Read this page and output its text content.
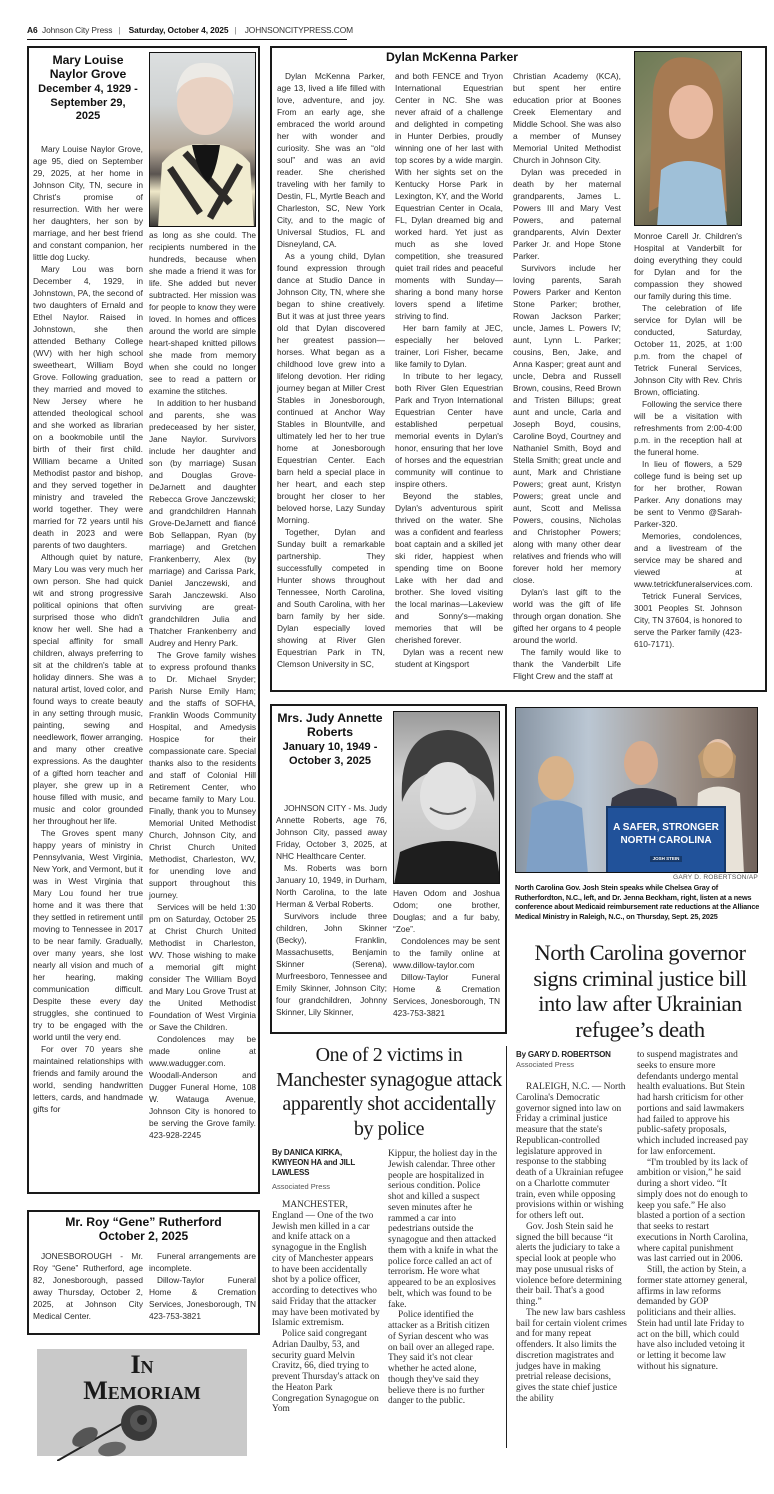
A6 Johnson City Press | Saturday, October 4, 2025 | JOHNSONCITYPRESS.COM
Mary Louise Naylor Grove
December 4, 1929 - September 29, 2025

Mary Louise Naylor Grove, age 95, died on September 29, 2025, at her home in Johnson City, TN, secure in Christ's promise of resurrection. With her were her daughters, her son by marriage, and her best friend and constant companion, her little dog Lucky.

Mary Lou was born December 4, 1929, in Johnstown, PA, the second of two daughters of Ernald and Ethel Naylor. Raised in Johnstown, she then attended Bethany College (WV) with her high school sweetheart, William Boyd Grove. Following graduation, they married and moved to New Jersey where he attended theological school and she worked as librarian on a bookmobile until the birth of their first child. William became a United Methodist pastor and bishop, and they served together in ministry and traveled the world together. They were married for 72 years until his death in 2023 and were parents of two daughters.

Although quiet by nature, Mary Lou was very much her own person. She had quick wit and strong progressive political opinions that often surprised those who didn't know her well. She had a special affinity for small children, always preferring to sit at the children's table at holiday dinners. She was a natural artist, loved color, and found ways to create beauty in any setting through music, painting, sewing and needlework, flower arranging, and many other creative expressions. As the daughter of a gifted horn teacher and player, she grew up in a house filled with music, and music and color grounded her throughout her life.

The Groves spent many happy years of ministry in Pennsylvania, West Virginia, New York, and Vermont, but it was in West Virginia that Mary Lou found her true home and it was there that they settled in retirement until moving to Tennessee in 2017 to be near family. Gradually, over many years, she lost nearly all vision and much of her hearing, making communication difficult. Despite these every day struggles, she continued to try to be engaged with the world until the very end.

For over 70 years she maintained relationships with friends and family around the world, sending handwritten letters, cards, and handmade gifts for

as long as she could. The recipients numbered in the hundreds, because when she made a friend it was for life. She added but never subtracted. Her mission was for people to know they were loved. In homes and offices around the world are simple heart-shaped knitted pillows she made from memory when she could no longer see to read a pattern or examine the stitches.

In addition to her husband and parents, she was predeceased by her sister, Jane Naylor. Survivors include her daughter and son (by marriage) Susan and Douglas Grove-DeJarnett and daughter Rebecca Grove Janczewski; and grandchildren Hannah Grove-DeJarnett and fiancé Bob Sellappan, Ryan (by marriage) and Gretchen Frankenberry, Alex (by marriage) and Carissa Park, Daniel Janczewski, and Sarah Janczewski. Also surviving are great-grandchildren Julia and Thatcher Frankenberry and Audrey and Henry Park.

The Grove family wishes to express profound thanks to Dr. Michael Snyder; Parish Nurse Emily Ham; and the staffs of SOFHA, Franklin Woods Community Hospital, and Amedysis Hospice for their compassionate care. Special thanks also to the residents and staff of Colonial Hill Retirement Center, who became family to Mary Lou. Finally, thank you to Munsey Memorial United Methodist Church, Johnson City, and Christ Church United Methodist, Charleston, WV, for unending love and support throughout this journey.

Services will be held 1:30 pm on Saturday, October 25 at Christ Church United Methodist in Charleston, WV. Those wishing to make a memorial gift might consider The William Boyd and Mary Lou Grove Trust at the United Methodist Foundation of West Virginia or Save the Children.

Condolences may be made online at www.wadugger.com. Woodall-Anderson and Dugger Funeral Home, 108 W. Watauga Avenue, Johnson City is honored to be serving the Grove family. 423-928-2245

Mr. Roy “Gene” Rutherford
October 2, 2025

JONESBOROUGH - Mr. Roy “Gene” Rutherford, age 82, Jonesborough, passed away Thursday, October 2, 2025, at Johnson City Medical Center.

Funeral arrangements are incomplete.

Dillow-Taylor Funeral Home & Cremation Services, Jonesborough, TN 423-753-3821

In
Memoriam
Dylan McKenna Parker

Dylan McKenna Parker, age 13, lived a life filled with love, adventure, and joy. From an early age, she embraced the world around her with wonder and curiosity. She was an “old soul” and was an avid reader. She cherished traveling with her family to Destin, FL, Myrtle Beach and Charleston, SC, New York City, and to the magic of Universal Studios, FL and Disneyland, CA.

As a young child, Dylan found expression through dance at Studio Dance in Johnson City, TN, where she began to shine creatively. But it was at just three years old that Dylan discovered her greatest passion—horses. What began as a childhood love grew into a lifelong devotion. Her riding journey began at Miller Crest Stables in Jonesborough, continued at Anchor Way Stables in Blountville, and ultimately led her to her true home at Jonesborough Equestrian Center. Each barn held a special place in her heart, and each step brought her closer to her beloved horse, Lazy Sunday Morning.

Together, Dylan and Sunday built a remarkable partnership. They successfully competed in Hunter shows throughout Tennessee, North Carolina, and South Carolina, with her barn family by her side. Dylan especially loved showing at River Glen Equestrian Park in TN, Clemson University in SC,

and both FENCE and Tryon International Equestrian Center in NC. She was never afraid of a challenge and delighted in competing in Hunter Derbies, proudly winning one of her last with top scores by a wide margin. With her sights set on the Kentucky Horse Park in Lexington, KY, and the World Equestrian Center in Ocala, FL, Dylan dreamed big and worked hard. Yet just as much as she loved competition, she treasured quiet trail rides and peaceful moments with Sunday—sharing a bond many horse lovers spend a lifetime striving to find.

Her barn family at JEC, especially her beloved trainer, Lori Fisher, became like family to Dylan.

In tribute to her legacy, both River Glen Equestrian Park and Tryon International Equestrian Center have established perpetual memorial events in Dylan's honor, ensuring that her love of horses and the equestrian community will continue to inspire others.

Beyond the stables, Dylan's adventurous spirit thrived on the water. She was a confident and fearless boat captain and a skilled jet ski rider, happiest when spending time on Boone Lake with her dad and brother. She loved visiting the local marinas—Lakeview and Sonny's—making memories that will be cherished forever.

Dylan was a recent new student at Kingsport

Christian Academy (KCA), but spent her entire education prior at Boones Creek Elementary and Middle School. She was also a member of Munsey Memorial United Methodist Church in Johnson City.

Dylan was preceded in death by her maternal grandparents, James L. Powers III and Mary Vest Powers, and paternal grandparents, Alvin Dexter Parker Jr. and Hope Stone Parker.

Survivors include her loving parents, Sarah Powers Parker and Kenton Stone Parker; brother, Rowan Jackson Parker; uncle, James L. Powers IV; aunt, Lynn L. Parker; cousins, Ben, Jake, and Anna Kasper; great aunt and uncle, Debra and Russell Brown, cousins, Reed Brown and Tristen Billups; great aunt and uncle, Carla and Joseph Boyd, cousins, Caroline Boyd, Courtney and Nathaniel Smith, Boyd and Stella Smith; great uncle and aunt, Mark and Christiane Powers; great aunt, Kristyn Powers; great uncle and aunt, Scott and Melissa Powers, cousins, Nicholas and Christopher Powers; along with many other dear relatives and friends who will forever hold her memory close.

Dylan's last gift to the world was the gift of life through organ donation. She gifted her organs to 4 people around the world.

The family would like to thank the Vanderbilt Life Flight Crew and the staff at

Monroe Carell Jr. Children's Hospital at Vanderbilt for doing everything they could for Dylan and for the compassion they showed our family during this time.

The celebration of life service for Dylan will be conducted, Saturday, October 11, 2025, at 1:00 p.m. from the chapel of Tetrick Funeral Services, Johnson City with Rev. Chris Brown, officiating.

Following the service there will be a visitation with refreshments from 2:00-4:00 p.m. in the reception hall at the funeral home.

In lieu of flowers, a 529 college fund is being set up for her brother, Rowan Parker. Any donations may be sent to Venmo @Sarah-Parker-320.

Memories, condolences, and a livestream of the service may be shared and viewed at www.tetrickfuneralservices.com.

Tetrick Funeral Services, 3001 Peoples St. Johnson City, TN 37604, is honored to serve the Parker family (423-610-7171).

Mrs. Judy Annette Roberts
January 10, 1949 - October 3, 2025

JOHNSON CITY - Ms. Judy Annette Roberts, age 76, Johnson City, passed away Friday, October 3, 2025, at NHC Healthcare Center.

Ms. Roberts was born January 10, 1949, in Durham, North Carolina, to the late Herman & Verbal Roberts.

Survivors include three children, John Skinner (Becky), Franklin, Massachusetts, Benjamin Skinner (Serena), Murfreesboro, Tennessee and Emily Skinner, Johnson City; four grandchildren, Johnny Skinner, Lily Skinner,

Haven Odom and Joshua Odom; one brother, Douglas; and a fur baby, “Zoe”.

Condolences may be sent to the family online at www.dillow-taylor.com

Dillow-Taylor Funeral Home & Cremation Services, Jonesborough, TN 423-753-3821

A SAFER, STRONGER
NORTH CAROLINA
JOSH STEIN
GARY D. ROBERTSON/AP
North Carolina Gov. Josh Stein speaks while Chelsea Gray of Rutherfordton, N.C., left, and Dr. Jenna Beckham, right, listen at a news conference about Medicaid reimbursement rate reductions at the Alliance Medical Ministry in Raleigh, N.C., on Thursday, Sept. 25, 2025
North Carolina governor signs criminal justice bill into law after Ukrainian refugee’s death
By GARY D. ROBERTSON
Associated Press

RALEIGH, N.C. — North Carolina's Democratic governor signed into law on Friday a criminal justice measure that the state's Republican-controlled legislature approved in response to the stabbing death of a Ukrainian refugee on a Charlotte commuter train, even while opposing provisions within or wishing for others left out.

Gov. Josh Stein said he signed the bill because “it alerts the judiciary to take a special look at people who may pose unusual risks of violence before determining their bail. That's a good thing.”

The new law bars cashless bail for certain violent crimes and for many repeat offenders. It also limits the discretion magistrates and judges have in making pretrial release decisions, gives the state chief justice the ability

to suspend magistrates and seeks to ensure more defendants undergo mental health evaluations. But Stein had harsh criticism for other portions and said lawmakers had failed to approve his public-safety proposals, which included increased pay for law enforcement.

“I'm troubled by its lack of ambition or vision,” he said during a short video. “It simply does not do enough to keep you safe.” He also blasted a portion of a section that seeks to restart executions in North Carolina, where capital punishment was last carried out in 2006.

Still, the action by Stein, a former state attorney general, affirms in law reforms demanded by GOP politicians and their allies. Stein had until late Friday to act on the bill, which could have also included vetoing it or letting it become law without his signature.

One of 2 victims in Manchester synagogue attack apparently shot accidentally by police
By DANICA KIRKA, KWIYEON HA and JILL LAWLESS
Associated Press

MANCHESTER, England — One of the two Jewish men killed in a car and knife attack on a synagogue in the English city of Manchester appears to have been accidentally shot by a police officer, according to detectives who said Friday that the attacker may have been motivated by Islamic extremism.

Police said congregant Adrian Daulby, 53, and security guard Melvin Cravitz, 66, died trying to prevent Thursday's attack on the Heaton Park Congregation Synagogue on Yom

Kippur, the holiest day in the Jewish calendar. Three other people are hospitalized in serious condition. Police shot and killed a suspect seven minutes after he rammed a car into pedestrians outside the synagogue and then attacked them with a knife in what the police force called an act of terrorism. He wore what appeared to be an explosives belt, which was found to be fake.

Police identified the attacker as a British citizen of Syrian descent who was on bail over an alleged rape. They said it's not clear whether he acted alone, though they've said they believe there is no further danger to the public.
